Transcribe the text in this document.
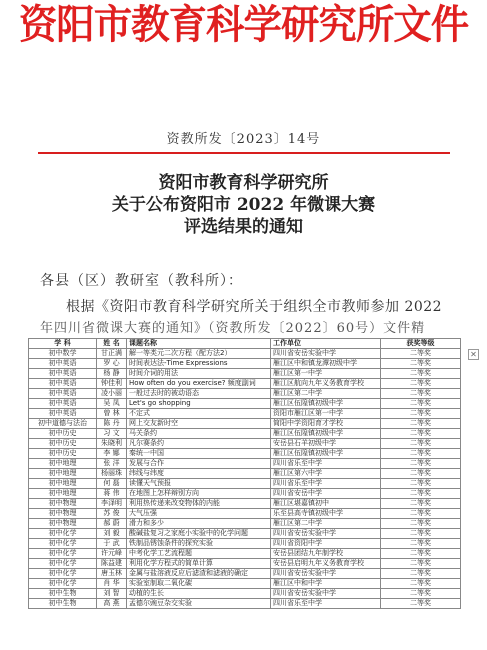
资阳市教育科学研究所文件
资教所发〔2023〕14号
资阳市教育科学研究所
关于公布资阳市 2022 年微课大赛
评选结果的通知
各县（区）教研室（教科所）：
根据《资阳市教育科学研究所关于组织全市教师参加 2022
年四川省微课大赛的通知》（资教所发〔2022〕60号）文件精
✕
学 科	姓 名	课题名称	工作单位	获奖等级
初中数学	甘正满	解一等类元二次方程（配方法2）	四川省安岳实验中学	二等奖
初中英语	罗 心	时间表达法-Time Expressions	雁江区中和镇龙潭初级中学	二等奖
初中英语	杨 静	时间介词的用法	雁江区第一中学	二等奖
初中英语	钟佳利	How often do you exercise? 频度副词	雁江区航向九年义务教育学校	二等奖
初中英语	凌小丽	一般过去时的被动语态	雁江区第二中学	二等奖
初中英语	吴 凤	Let's go shopping	雁江区伍隍镇初级中学	二等奖
初中英语	曾 林	不定式	资阳市雁江区第一中学	二等奖
初中道德与法治	陈 丹	网上交友新时空	简阳中学资阳育才学校	二等奖
初中历史	习 文	马关条约	雁江区伍隍镇初级中学	二等奖
初中历史	朱晓利	凡尔赛条约	安岳县石羊初级中学	二等奖
初中历史	李 娜	秦统一中国	雁江区伍隍镇初级中学	二等奖
初中地理	张 洋	发展与合作	四川省乐至中学	二等奖
初中地理	杨丽珠	纬线与纬度	雁江区第六中学	二等奖
初中地理	何 磊	读懂天气预报	四川省乐至中学	二等奖
初中地理	蒋 伟	在地图上怎样辩别方向	四川省安岳中学	二等奖
初中物理	李泽明	利用热传递来改变物体的内能	雁江区堪嘉镇初中	二等奖
初中物理	苏 俊	大气压强	乐至县高寺镇初级中学	二等奖
初中物理	郝 蔚	滑力和多少	雁江区第二中学	二等奖
初中化学	刘 毅	酸碱盐复习之家庭小实验中的化学问题	四川省安岳实验中学	二等奖
初中化学	于 武	铁制品锈蚀条件的探究实验	四川省资阳中学	二等奖
初中化学	许元峰	中考化学工艺流程题	安岳县团结九年制学校	二等奖
初中化学	陈益建	利用化学方程式的简单计算	安岳县启明九年义务教育学校	二等奖
初中化学	唐玉林	金属与盐溶液反应后滤渣和滤液的确定	四川省安岳实验中学	二等奖
初中化学	肖 华	实验室制取二氧化碳	雁江区中和中学	二等奖
初中生物	刘 智	动植的生长	四川省安岳实验中学	二等奖
初中生物	高 燕	孟德尔豌豆杂交实验	四川省乐至中学	二等奖
